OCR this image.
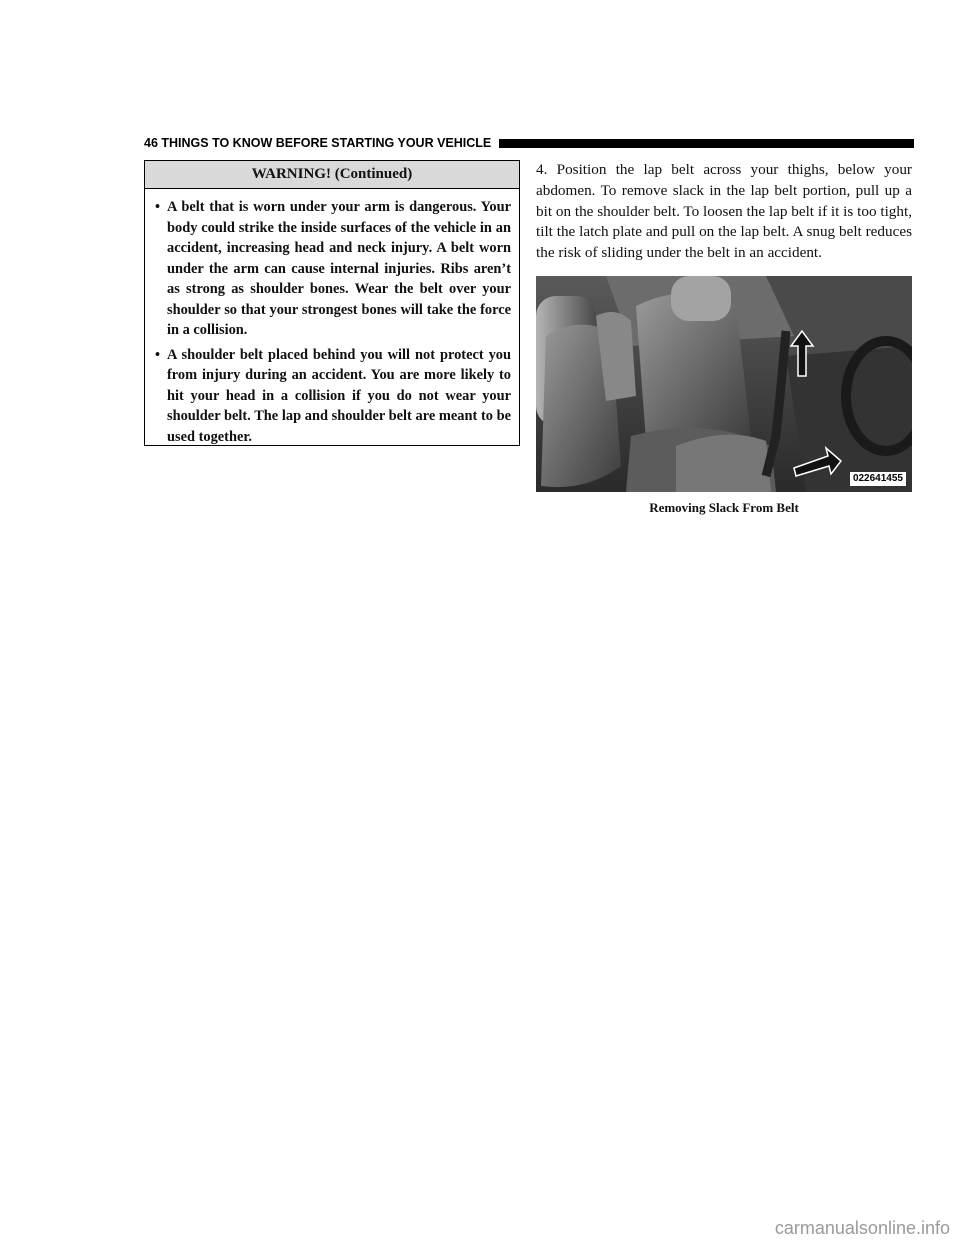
46 THINGS TO KNOW BEFORE STARTING YOUR VEHICLE
WARNING! (Continued)
• A belt that is worn under your arm is dangerous. Your body could strike the inside surfaces of the vehicle in an accident, increasing head and neck injury. A belt worn under the arm can cause internal injuries. Ribs aren’t as strong as shoulder bones. Wear the belt over your shoulder so that your strongest bones will take the force in a collision.
• A shoulder belt placed behind you will not protect you from injury during an accident. You are more likely to hit your head in a collision if you do not wear your shoulder belt. The lap and shoulder belt are meant to be used together.

4. Position the lap belt across your thighs, below your abdomen. To remove slack in the lap belt portion, pull up a bit on the shoulder belt. To loosen the lap belt if it is too tight, tilt the latch plate and pull on the lap belt. A snug belt reduces the risk of sliding under the belt in an accident.

022641455
Removing Slack From Belt
carmanualsonline.info
